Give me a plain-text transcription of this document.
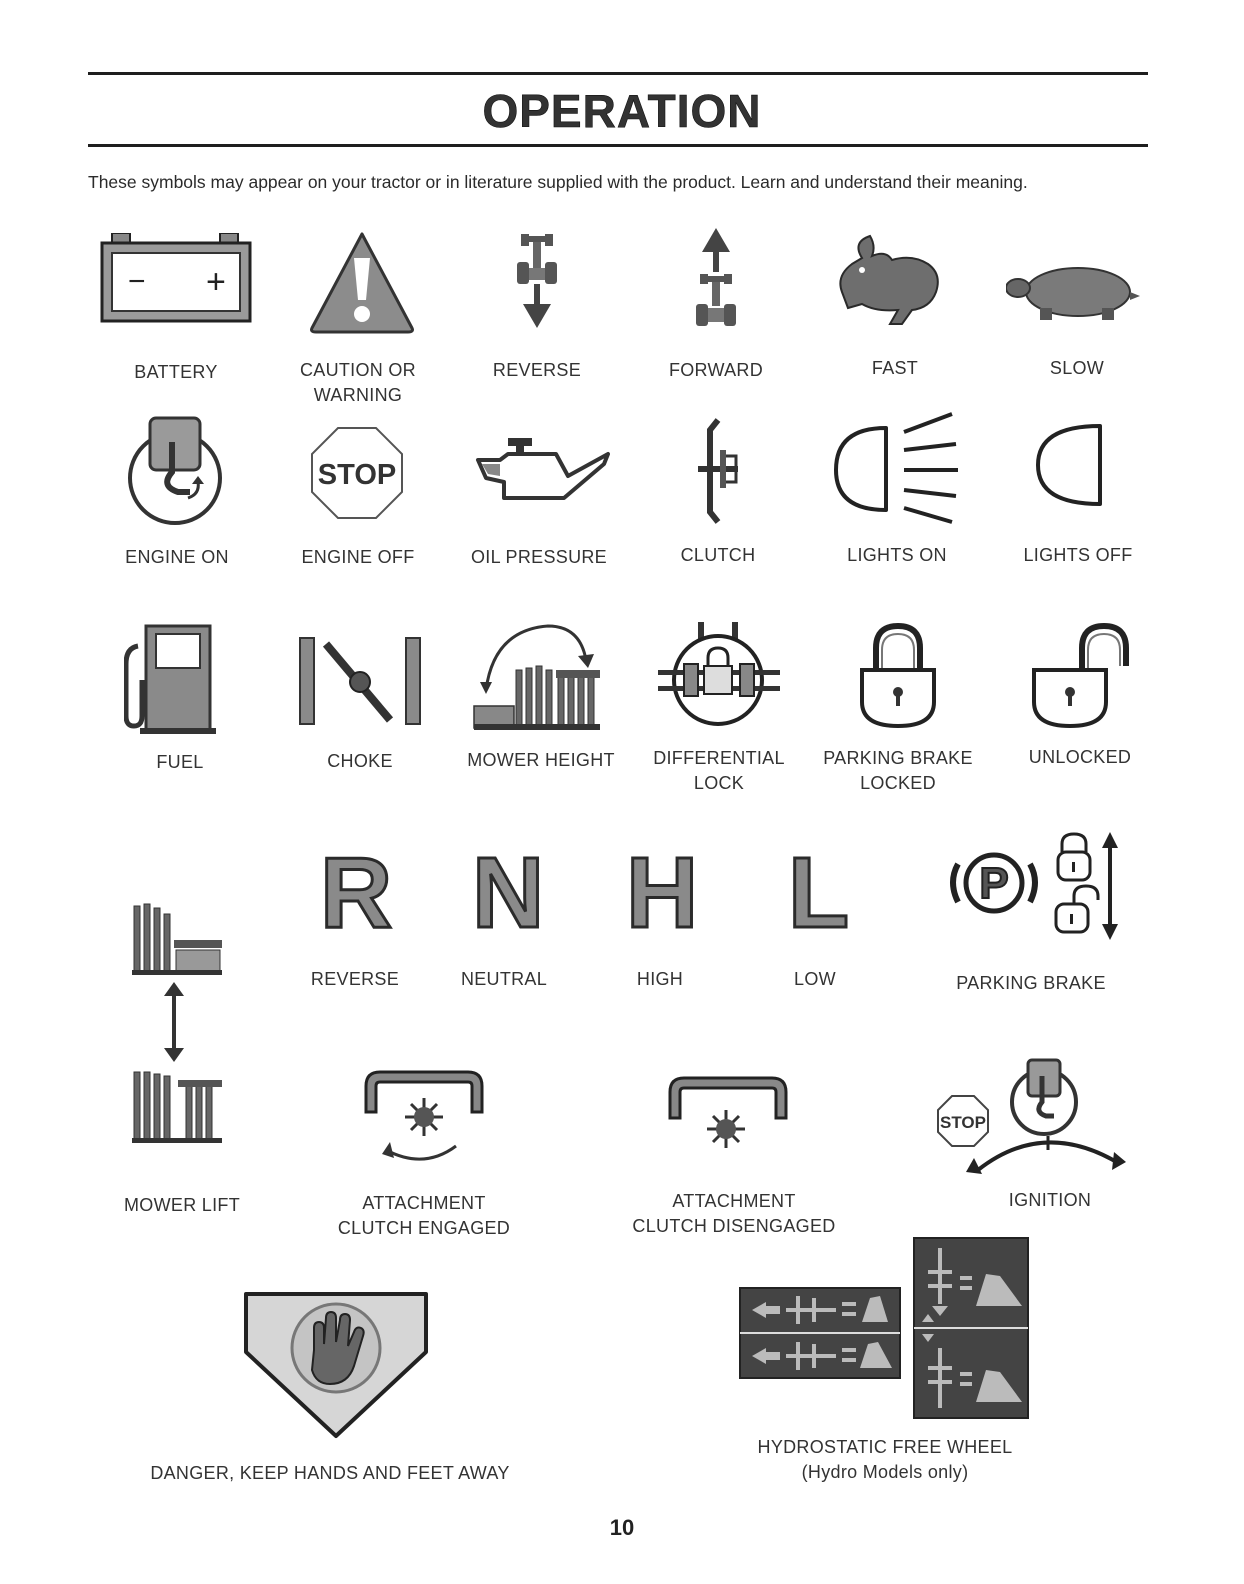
OPERATION
These symbols may appear on your tractor or in literature supplied with the product. Learn and understand their meaning.
− +
BATTERY	CAUTION OR
WARNING
REVERSE	FORWARD	FAST	SLOW
ENGINE ON
STOP
ENGINE OFF	OIL PRESSURE	CLUTCH	LIGHTS ON	LIGHTS OFF
FUEL	CHOKE	MOWER HEIGHT	DIFFERENTIAL
LOCK
PARKING BRAKE
LOCKED
UNLOCKED
R
REVERSE
N
NEUTRAL
H
HIGH
L
LOW
P
PARKING BRAKE
MOWER LIFT	ATTACHMENT
CLUTCH ENGAGED
ATTACHMENT
CLUTCH DISENGAGED
STOP
IGNITION
DANGER, KEEP HANDS AND FEET AWAY
HYDROSTATIC FREE WHEEL
(Hydro Models only)
10
